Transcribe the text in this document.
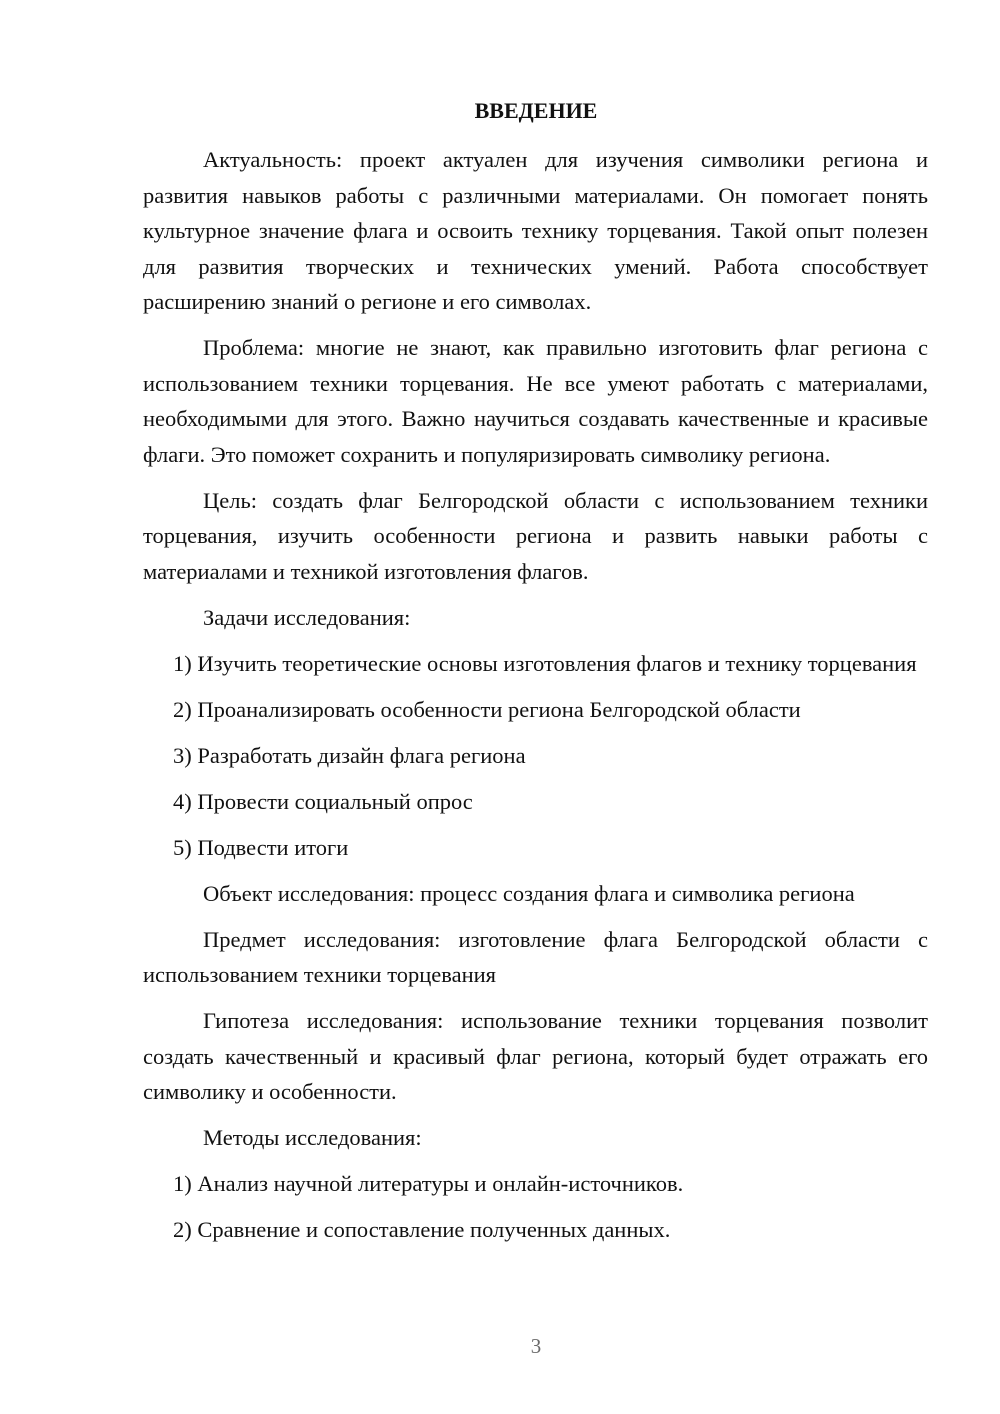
ВВЕДЕНИЕ

Актуальность: проект актуален для изучения символики региона и развития навыков работы с различными материалами. Он помогает понять культурное значение флага и освоить технику торцевания. Такой опыт полезен для развития творческих и технических умений. Работа способствует расширению знаний о регионе и его символах.

Проблема: многие не знают, как правильно изготовить флаг региона с использованием техники торцевания. Не все умеют работать с материалами, необходимыми для этого. Важно научиться создавать качественные и красивые флаги. Это поможет сохранить и популяризировать символику региона.

Цель: создать флаг Белгородской области с использованием техники торцевания, изучить особенности региона и развить навыки работы с материалами и техникой изготовления флагов.

Задачи исследования:

1) Изучить теоретические основы изготовления флагов и технику торцевания

2) Проанализировать особенности региона Белгородской области

3) Разработать дизайн флага региона

4) Провести социальный опрос

5) Подвести итоги

Объект исследования: процесс создания флага и символика региона

Предмет исследования: изготовление флага Белгородской области с использованием техники торцевания

Гипотеза исследования: использование техники торцевания позволит создать качественный и красивый флаг региона, который будет отражать его символику и особенности.

Методы исследования:

1) Анализ научной литературы и онлайн-источников.

2) Сравнение и сопоставление полученных данных.

3
